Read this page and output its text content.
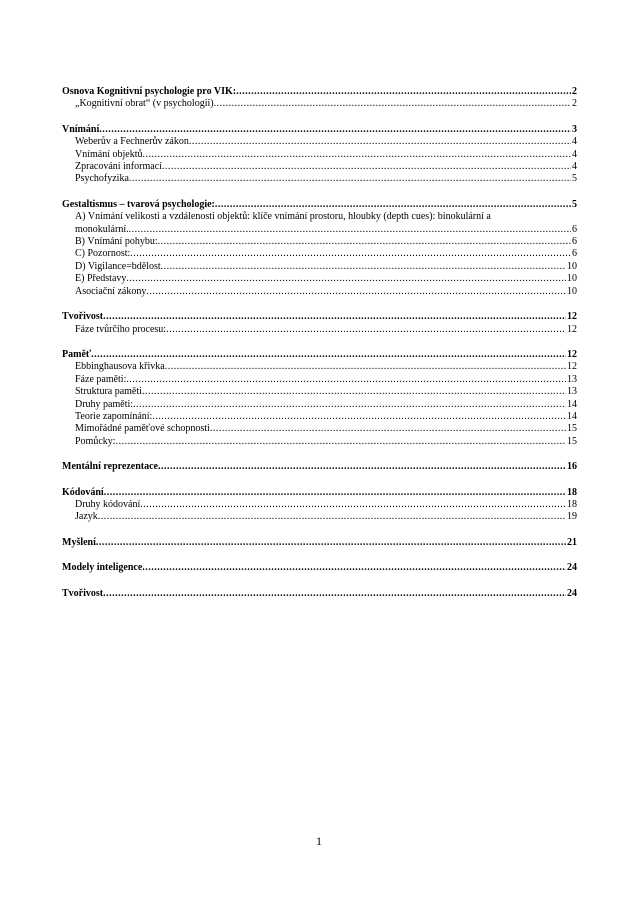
Osnova Kognitivní psychologie pro VIK: .....	2
„Kognitivní obrat“ (v psychologii) .....	2
Vnímání .....	3
Weberův a Fechnerův zákon .....	4
Vnímání objektů .....	4
Zpracování informací .....	4
Psychofyzika .....	5
Gestaltismus – tvarová psychologie: .....	5
A) Vnímání velikosti a vzdálenosti objektů: klíče vnímání prostoru, hloubky (depth cues): binokulární a
monokulární. .....	6
B) Vnímání pohybu: .....	6
C) Pozornost: .....	6
D) Vigilance=bdělost .....	10
E) Představy .....	10
Asociační zákony .....	10
Tvořivost .....	12
Fáze tvůrčího procesu: .....	12
Paměť .....	12
Ebbinghausova křivka .....	12
Fáze paměti: .....	13
Struktura paměti .....	13
Druhy paměti: .....	14
Teorie zapomínání: .....	14
Mimořádné paměťové schopnosti .....	15
Pomůcky: .....	15
Mentální reprezentace .....	16
Kódování .....	18
Druhy kódování .....	18
Jazyk .....	19
Myšlení .....	21
Modely inteligence .....	24
Tvořivost .....	24
1
